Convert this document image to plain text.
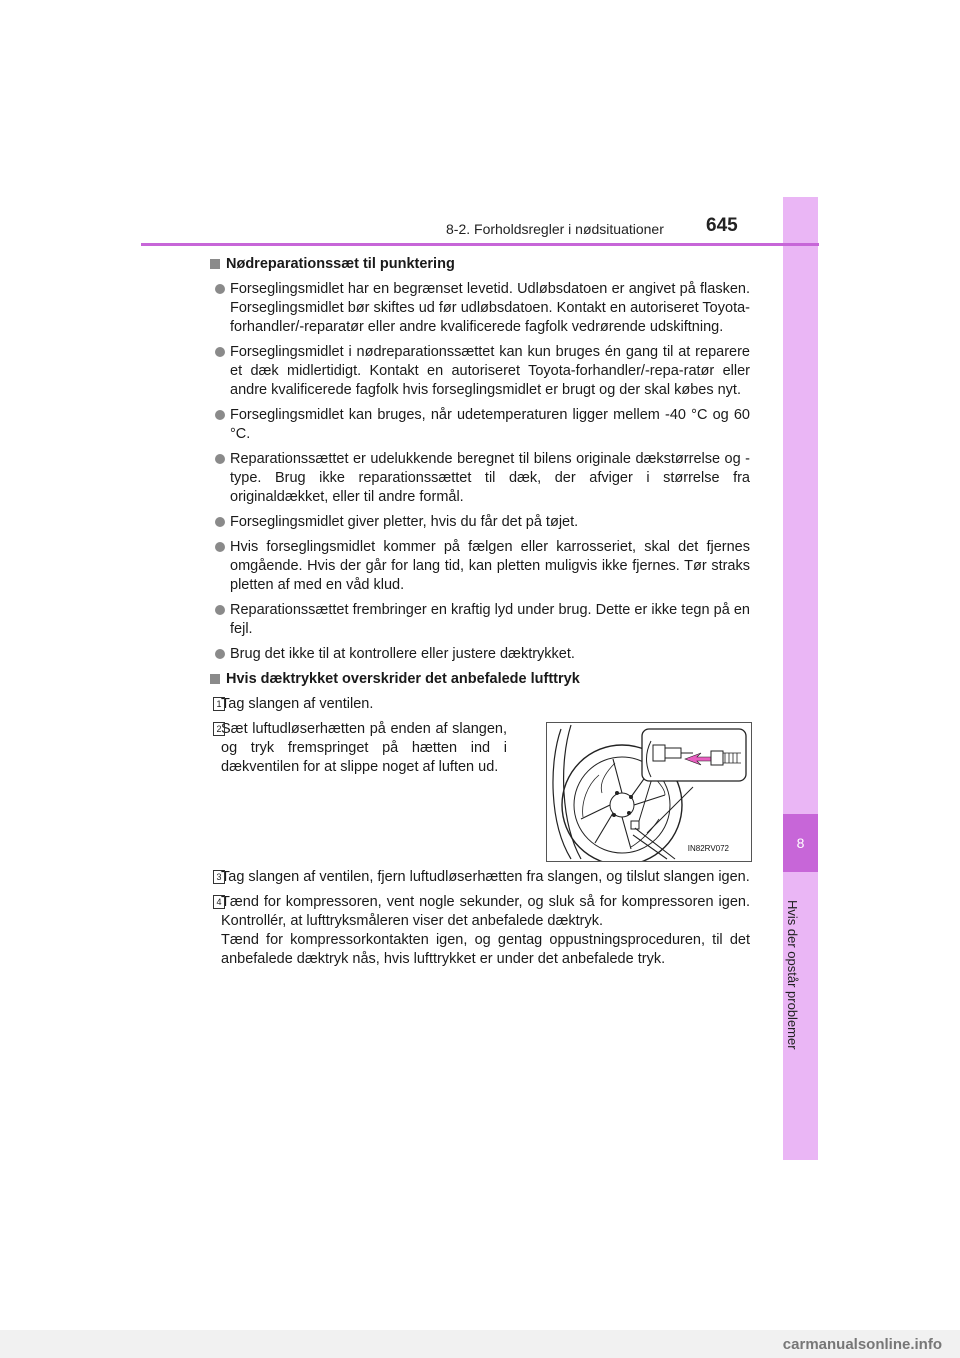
8
Hvis der opstår problemer
8-2. Forholdsregler i nødsituationer 645
Nødreparationssæt til punktering
Forseglingsmidlet har en begrænset levetid. Udløbsdatoen er angivet på flasken. Forseglingsmidlet bør skiftes ud før udløbsdatoen. Kontakt en autoriseret Toyota-forhandler/-reparatør eller andre kvalificerede fagfolk vedrørende udskiftning.
Forseglingsmidlet i nødreparationssættet kan kun bruges én gang til at reparere et dæk midlertidigt. Kontakt en autoriseret Toyota-forhandler/-repa-ratør eller andre kvalificerede fagfolk hvis forseglingsmidlet er brugt og der skal købes nyt.
Forseglingsmidlet kan bruges, når udetemperaturen ligger mellem -40 °C og 60 °C.
Reparationssættet er udelukkende beregnet til bilens originale dækstørrelse og -type. Brug ikke reparationssættet til dæk, der afviger i størrelse fra originaldækket, eller til andre formål.
Forseglingsmidlet giver pletter, hvis du får det på tøjet.
Hvis forseglingsmidlet kommer på fælgen eller karrosseriet, skal det fjernes omgående. Hvis der går for lang tid, kan pletten muligvis ikke fjernes. Tør straks pletten af med en våd klud.
Reparationssættet frembringer en kraftig lyd under brug. Dette er ikke tegn på en fejl.
Brug det ikke til at kontrollere eller justere dæktrykket.
Hvis dæktrykket overskrider det anbefalede lufttryk
1 Tag slangen af ventilen.
2 Sæt luftudløserhætten på enden af slangen, og tryk fremspringet på hætten ind i dækventilen for at slippe noget af luften ud.
IN82RV072
3 Tag slangen af ventilen, fjern luftudløserhætten fra slangen, og tilslut slangen igen.
4 Tænd for kompressoren, vent nogle sekunder, og sluk så for kompressoren igen. Kontrollér, at lufttryksmåleren viser det anbefalede dæktryk.
Tænd for kompressorkontakten igen, og gentag oppustningsproceduren, til det anbefalede dæktryk nås, hvis lufttrykket er under det anbefalede tryk.
carmanualsonline.info
